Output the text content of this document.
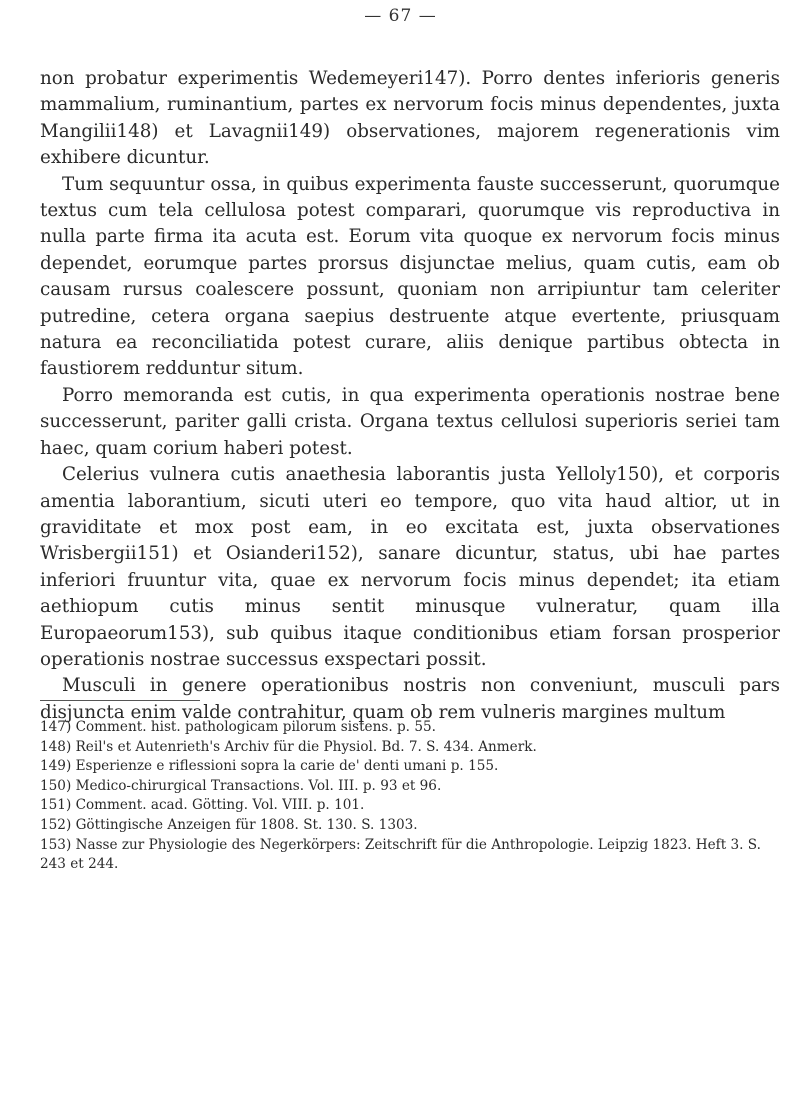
— 67 —

non probatur experimentis Wedemeyeri147). Porro dentes inferioris generis mammalium, ruminantium, partes ex nervorum focis minus dependentes, juxta Mangilii148) et Lavagnii149) observationes, majorem regenerationis vim exhibere dicuntur.

Tum sequuntur ossa, in quibus experimenta fauste successerunt, quorumque textus cum tela cellulosa potest comparari, quorumque vis reproductiva in nulla parte firma ita acuta est. Eorum vita quoque ex nervorum focis minus dependet, eorumque partes prorsus disjunctae melius, quam cutis, eam ob causam rursus coalescere possunt, quoniam non arripiuntur tam celeriter putredine, cetera organa saepius destruente atque evertente, priusquam natura ea reconciliatida potest curare, aliis denique partibus obtecta in faustiorem redduntur situm.

Porro memoranda est cutis, in qua experimenta operationis nostrae bene successerunt, pariter galli crista. Organa textus cellulosi superioris seriei tam haec, quam corium haberi potest.

Celerius vulnera cutis anaethesia laborantis justa Yelloly150), et corporis amentia laborantium, sicuti uteri eo tempore, quo vita haud altior, ut in graviditate et mox post eam, in eo excitata est, juxta observationes Wrisbergii151) et Osianderi152), sanare dicuntur, status, ubi hae partes inferiori fruuntur vita, quae ex nervorum focis minus dependet; ita etiam aethiopum cutis minus sentit minusque vulneratur, quam illa Europaeorum153), sub quibus itaque conditionibus etiam forsan prosperior operationis nostrae successus exspectari possit.

Musculi in genere operationibus nostris non conveniunt, musculi pars disjuncta enim valde contrahitur, quam ob rem vulneris margines multum

147) Comment. hist. pathologicam pilorum sistens. p. 55.
148) Reil's et Autenrieth's Archiv für die Physiol. Bd. 7. S. 434. Anmerk.
149) Esperienze e riflessioni sopra la carie de' denti umani p. 155.
150) Medico-chirurgical Transactions. Vol. III. p. 93 et 96.
151) Comment. acad. Götting. Vol. VIII. p. 101.
152) Göttingische Anzeigen für 1808. St. 130. S. 1303.
153) Nasse zur Physiologie des Negerkörpers: Zeitschrift für die Anthropologie. Leipzig 1823. Heft 3. S. 243 et 244.
